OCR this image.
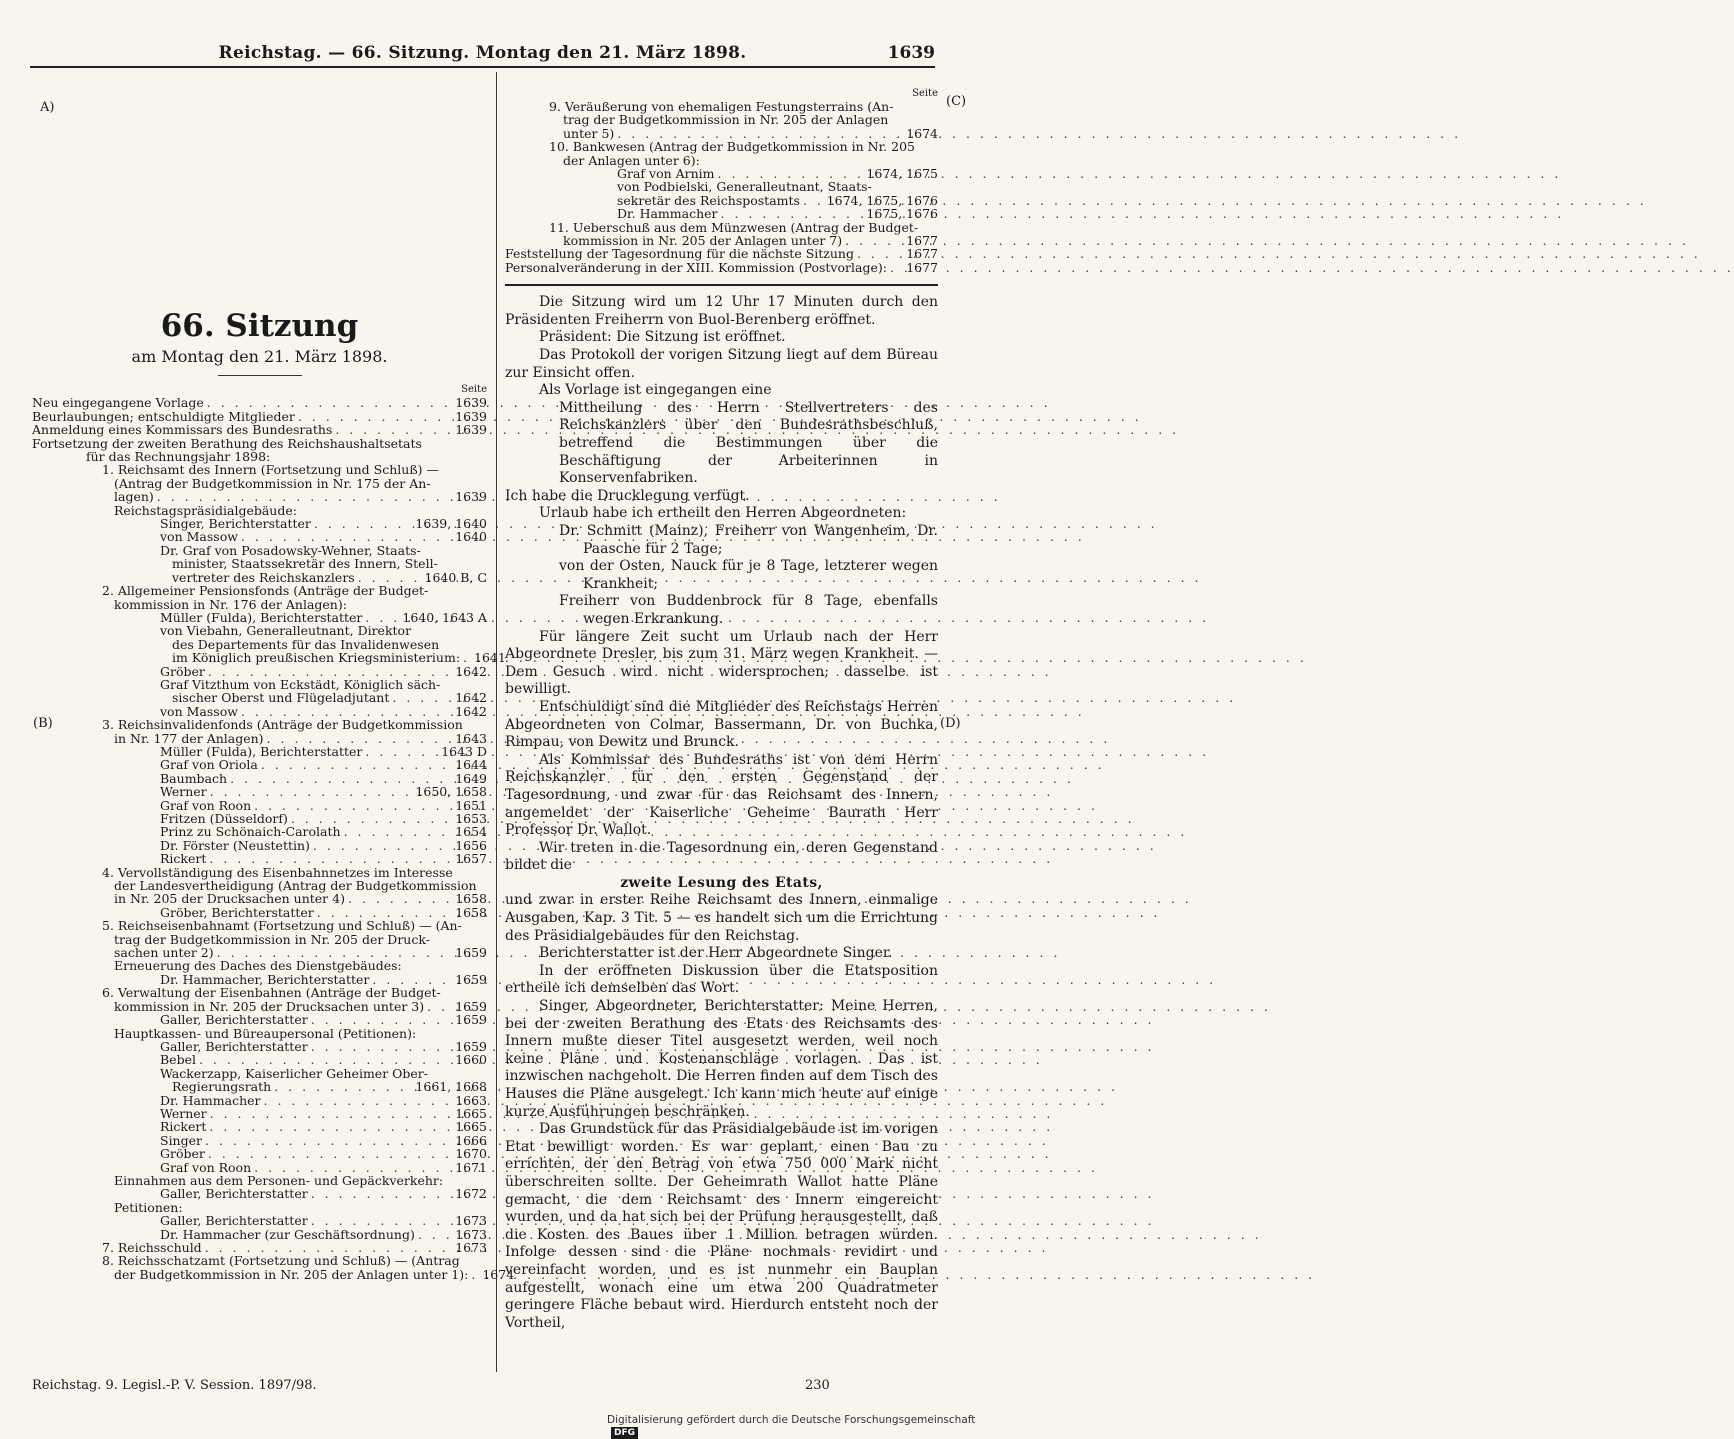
Reichstag. — 66. Sitzung. Montag den 21. März 1898.	1639
A)
(B)
(C)
(D)
66. Sitzung
am Montag den 21. März 1898.
Seite
Neu eingegangene Vorlage . . .	1639
Beurlaubungen; entschuldigte Mitglieder . . .	1639
Anmeldung eines Kommissars des Bundesraths . . .	1639
Fortsetzung der zweiten Berathung des Reichshaushaltsetats
für das Rechnungsjahr 1898:
1. Reichsamt des Innern (Fortsetzung und Schluß) —
(Antrag der Budgetkommission in Nr. 175 der An-
lagen) . . .	1639
Reichstagspräsidialgebäude:
Singer, Berichterstatter . . .	1639, 1640
von Massow . . .	1640
Dr. Graf von Posadowsky-Wehner, Staats-
minister, Staatssekretär des Innern, Stell-
vertreter des Reichskanzlers . . .	1640 B, C
2. Allgemeiner Pensionsfonds (Anträge der Budget-
kommission in Nr. 176 der Anlagen):
Müller (Fulda), Berichterstatter . . .	1640, 1643 A
von Viebahn, Generalleutnant, Direktor
des Departements für das Invalidenwesen
im Königlich preußischen Kriegsministerium: . . . 1641
Gröber . . .	1642
Graf Vitzthum von Eckstädt, Königlich säch-
sischer Oberst und Flügeladjutant . . .	1642
von Massow . . .	1642
3. Reichsinvalidenfonds (Anträge der Budgetkommission
in Nr. 177 der Anlagen) . . .	1643
Müller (Fulda), Berichterstatter . . .	1643 D
Graf von Oriola . . .	1644
Baumbach . . .	1649
Werner . . .	1650, 1658
Graf von Roon . . .	1651
Fritzen (Düsseldorf) . . .	1653
Prinz zu Schönaich-Carolath . . .	1654
Dr. Förster (Neustettin) . . .	1656
Rickert . . .	1657
4. Vervollständigung des Eisenbahnnetzes im Interesse
der Landesvertheidigung (Antrag der Budgetkommission
in Nr. 205 der Drucksachen unter 4) . . .	1658
Gröber, Berichterstatter . . .	1658
5. Reichseisenbahnamt (Fortsetzung und Schluß) — (An-
trag der Budgetkommission in Nr. 205 der Druck-
sachen unter 2) . . .	1659
Erneuerung des Daches des Dienstgebäudes:
Dr. Hammacher, Berichterstatter . . .	1659
6. Verwaltung der Eisenbahnen (Anträge der Budget-
kommission in Nr. 205 der Drucksachen unter 3) . . . 1659
Galler, Berichterstatter . . .	1659
Hauptkassen- und Büreaupersonal (Petitionen):
Galler, Berichterstatter . . .	1659
Bebel . . .	1660
Wackerzapp, Kaiserlicher Geheimer Ober-
Regierungsrath . . .	1661, 1668
Dr. Hammacher . . .	1663
Werner . . .	1665
Rickert . . .	1665
Singer . . .	1666
Gröber . . .	1670
Graf von Roon . . .	1671
Einnahmen aus dem Personen- und Gepäckverkehr:
Galler, Berichterstatter . . .	1672
Petitionen:
Galler, Berichterstatter . . .	1673
Dr. Hammacher (zur Geschäftsordnung) . . .	1673
7. Reichsschuld . . .	1673
8. Reichsschatzamt (Fortsetzung und Schluß) — (Antrag
der Budgetkommission in Nr. 205 der Anlagen unter 1): . . . 1674
Seite
9. Veräußerung von ehemaligen Festungsterrains (An-
trag der Budgetkommission in Nr. 205 der Anlagen
unter 5) . . .	1674
10. Bankwesen (Antrag der Budgetkommission in Nr. 205
der Anlagen unter 6):
Graf von Arnim . . .	1674, 1675
von Podbielski, Generalleutnant, Staats-
sekretär des Reichspostamts . . . 1674, 1675, 1676
Dr. Hammacher . . .	1675, 1676
11. Ueberschuß aus dem Münzwesen (Antrag der Budget-
kommission in Nr. 205 der Anlagen unter 7) . . .	1677
Feststellung der Tagesordnung für die nächste Sitzung . . .	1677
Personalveränderung in der XIII. Kommission (Postvorlage): . . . 1677
Die Sitzung wird um 12 Uhr 17 Minuten durch den Präsidenten Freiherrn von Buol-Berenberg eröffnet.
Präsident: Die Sitzung ist eröffnet.
Das Protokoll der vorigen Sitzung liegt auf dem Büreau zur Einsicht offen.
Als Vorlage ist eingegangen eine
Mittheilung des Herrn Stellvertreters des Reichskanzlers über den Bundesrathsbeschluß, betreffend die Bestimmungen über die Beschäftigung der Arbeiterinnen in Konservenfabriken.
Ich habe die Drucklegung verfügt.
Urlaub habe ich ertheilt den Herren Abgeordneten:
Dr. Schmitt (Mainz), Freiherr von Wangenheim, Dr. Paasche für 2 Tage;
von der Osten, Nauck für je 8 Tage, letzterer wegen Krankheit;
Freiherr von Buddenbrock für 8 Tage, ebenfalls wegen Erkrankung.
Für längere Zeit sucht um Urlaub nach der Herr Abgeordnete Dresler, bis zum 31. März wegen Krankheit. — Dem Gesuch wird nicht widersprochen; dasselbe ist bewilligt.
Entschuldigt sind die Mitglieder des Reichstags Herren Abgeordneten von Colmar, Bassermann, Dr. von Buchka, Rimpau, von Dewitz und Brunck.
Als Kommissar des Bundesraths ist von dem Herrn Reichskanzler für den ersten Gegenstand der Tagesordnung, und zwar für das Reichsamt des Innern, angemeldet der Kaiserliche Geheime Baurath Herr Professor Dr. Wallot.
Wir treten in die Tagesordnung ein, deren Gegenstand bildet die
zweite Lesung des Etats,
und zwar in erster Reihe Reichsamt des Innern, einmalige Ausgaben, Kap. 3 Tit. 5 — es handelt sich um die Errichtung des Präsidialgebäudes für den Reichstag.
Berichterstatter ist der Herr Abgeordnete Singer.
In der eröffneten Diskussion über die Etatsposition ertheile ich demselben das Wort.
Singer, Abgeordneter, Berichterstatter: Meine Herren, bei der zweiten Berathung des Etats des Reichsamts des Innern mußte dieser Titel ausgesetzt werden, weil noch keine Pläne und Kostenanschläge vorlagen. Das ist inzwischen nachgeholt. Die Herren finden auf dem Tisch des Hauses die Pläne ausgelegt. Ich kann mich heute auf einige kurze Ausführungen beschränken.
Das Grundstück für das Präsidialgebäude ist im vorigen Etat bewilligt worden. Es war geplant, einen Bau zu errichten, der den Betrag von etwa 750 000 Mark nicht überschreiten sollte. Der Geheimrath Wallot hatte Pläne gemacht, die dem Reichsamt des Innern eingereicht wurden, und da hat sich bei der Prüfung herausgestellt, daß die Kosten des Baues über 1 Million betragen würden. Infolge dessen sind die Pläne nochmals revidirt und vereinfacht worden, und es ist nunmehr ein Bauplan aufgestellt, wonach eine um etwa 200 Quadratmeter geringere Fläche bebaut wird. Hierdurch entsteht noch der Vortheil,
Reichstag. 9. Legisl.-P. V. Session. 1897/98.	230
Digitalisierung gefördert durch die Deutsche Forschungsgemeinschaft DFG
